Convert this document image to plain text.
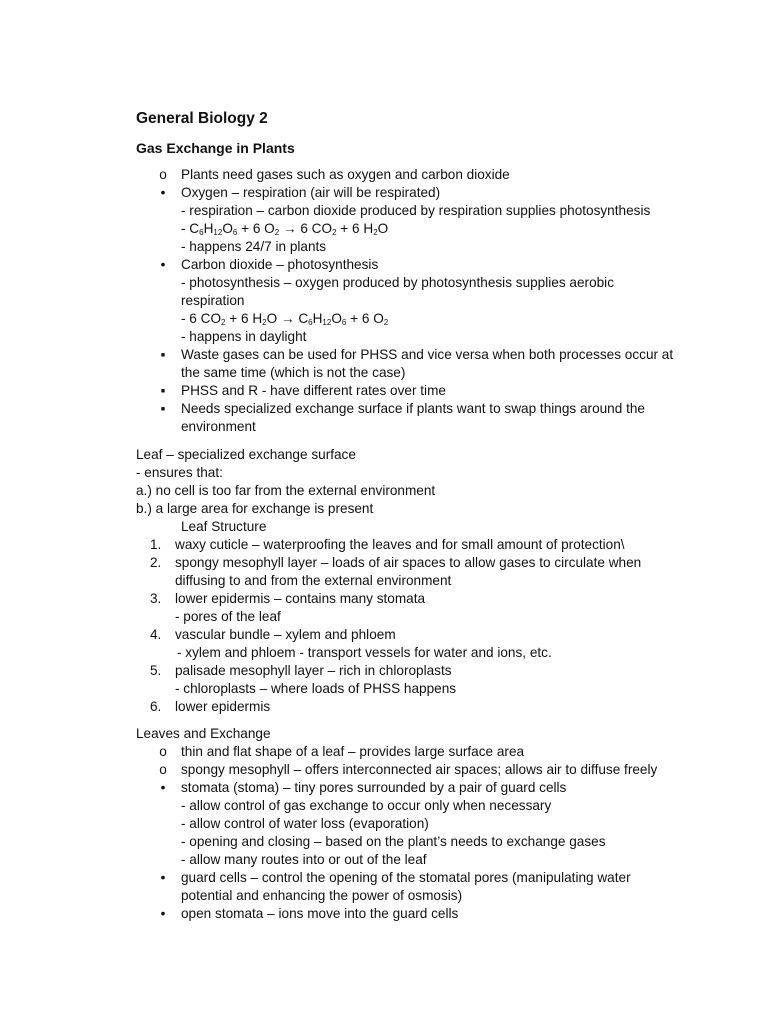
General Biology 2
Gas Exchange in Plants
o Plants need gases such as oxygen and carbon dioxide
•	Oxygen – respiration (air will be respirated)
- respiration – carbon dioxide produced by respiration supplies photosynthesis
- $C_6H_{12}O_6 + 6$ $O_2 \to 6$ $CO_2 + 6$ $H_2O$
- happens 24/7 in plants
•	Carbon dioxide – photosynthesis
- photosynthesis – oxygen produced by photosynthesis supplies aerobic respiration
- 6 $CO_2 + 6$ $H_2O \to C_6H_{12}O_6 + 6$ $O_2$
- happens in daylight
▪	Waste gases can be used for PHSS and vice versa when both processes occur at the same time (which is not the case)
▪	PHSS and R - have different rates over time
▪	Needs specialized exchange surface if plants want to swap things around the environment
Leaf – specialized exchange surface
- ensures that:
a.) no cell is too far from the external environment
b.) a large area for exchange is present
Leaf Structure
1. waxy cuticle – waterproofing the leaves and for small amount of protection\
2. spongy mesophyll layer – loads of air spaces to allow gases to circulate when diffusing to and from the external environment
3. lower epidermis – contains many stomata
- pores of the leaf
4. vascular bundle – xylem and phloem
- xylem and phloem - transport vessels for water and ions, etc.
5. palisade mesophyll layer – rich in chloroplasts
- chloroplasts – where loads of PHSS happens
6. lower epidermis
Leaves and Exchange
o thin and flat shape of a leaf – provides large surface area
o spongy mesophyll – offers interconnected air spaces; allows air to diffuse freely
•	stomata (stoma) – tiny pores surrounded by a pair of guard cells
- allow control of gas exchange to occur only when necessary
- allow control of water loss (evaporation)
- opening and closing – based on the plant’s needs to exchange gases
- allow many routes into or out of the leaf
•	guard cells – control the opening of the stomatal pores (manipulating water potential and enhancing the power of osmosis)
•	open stomata – ions move into the guard cells
